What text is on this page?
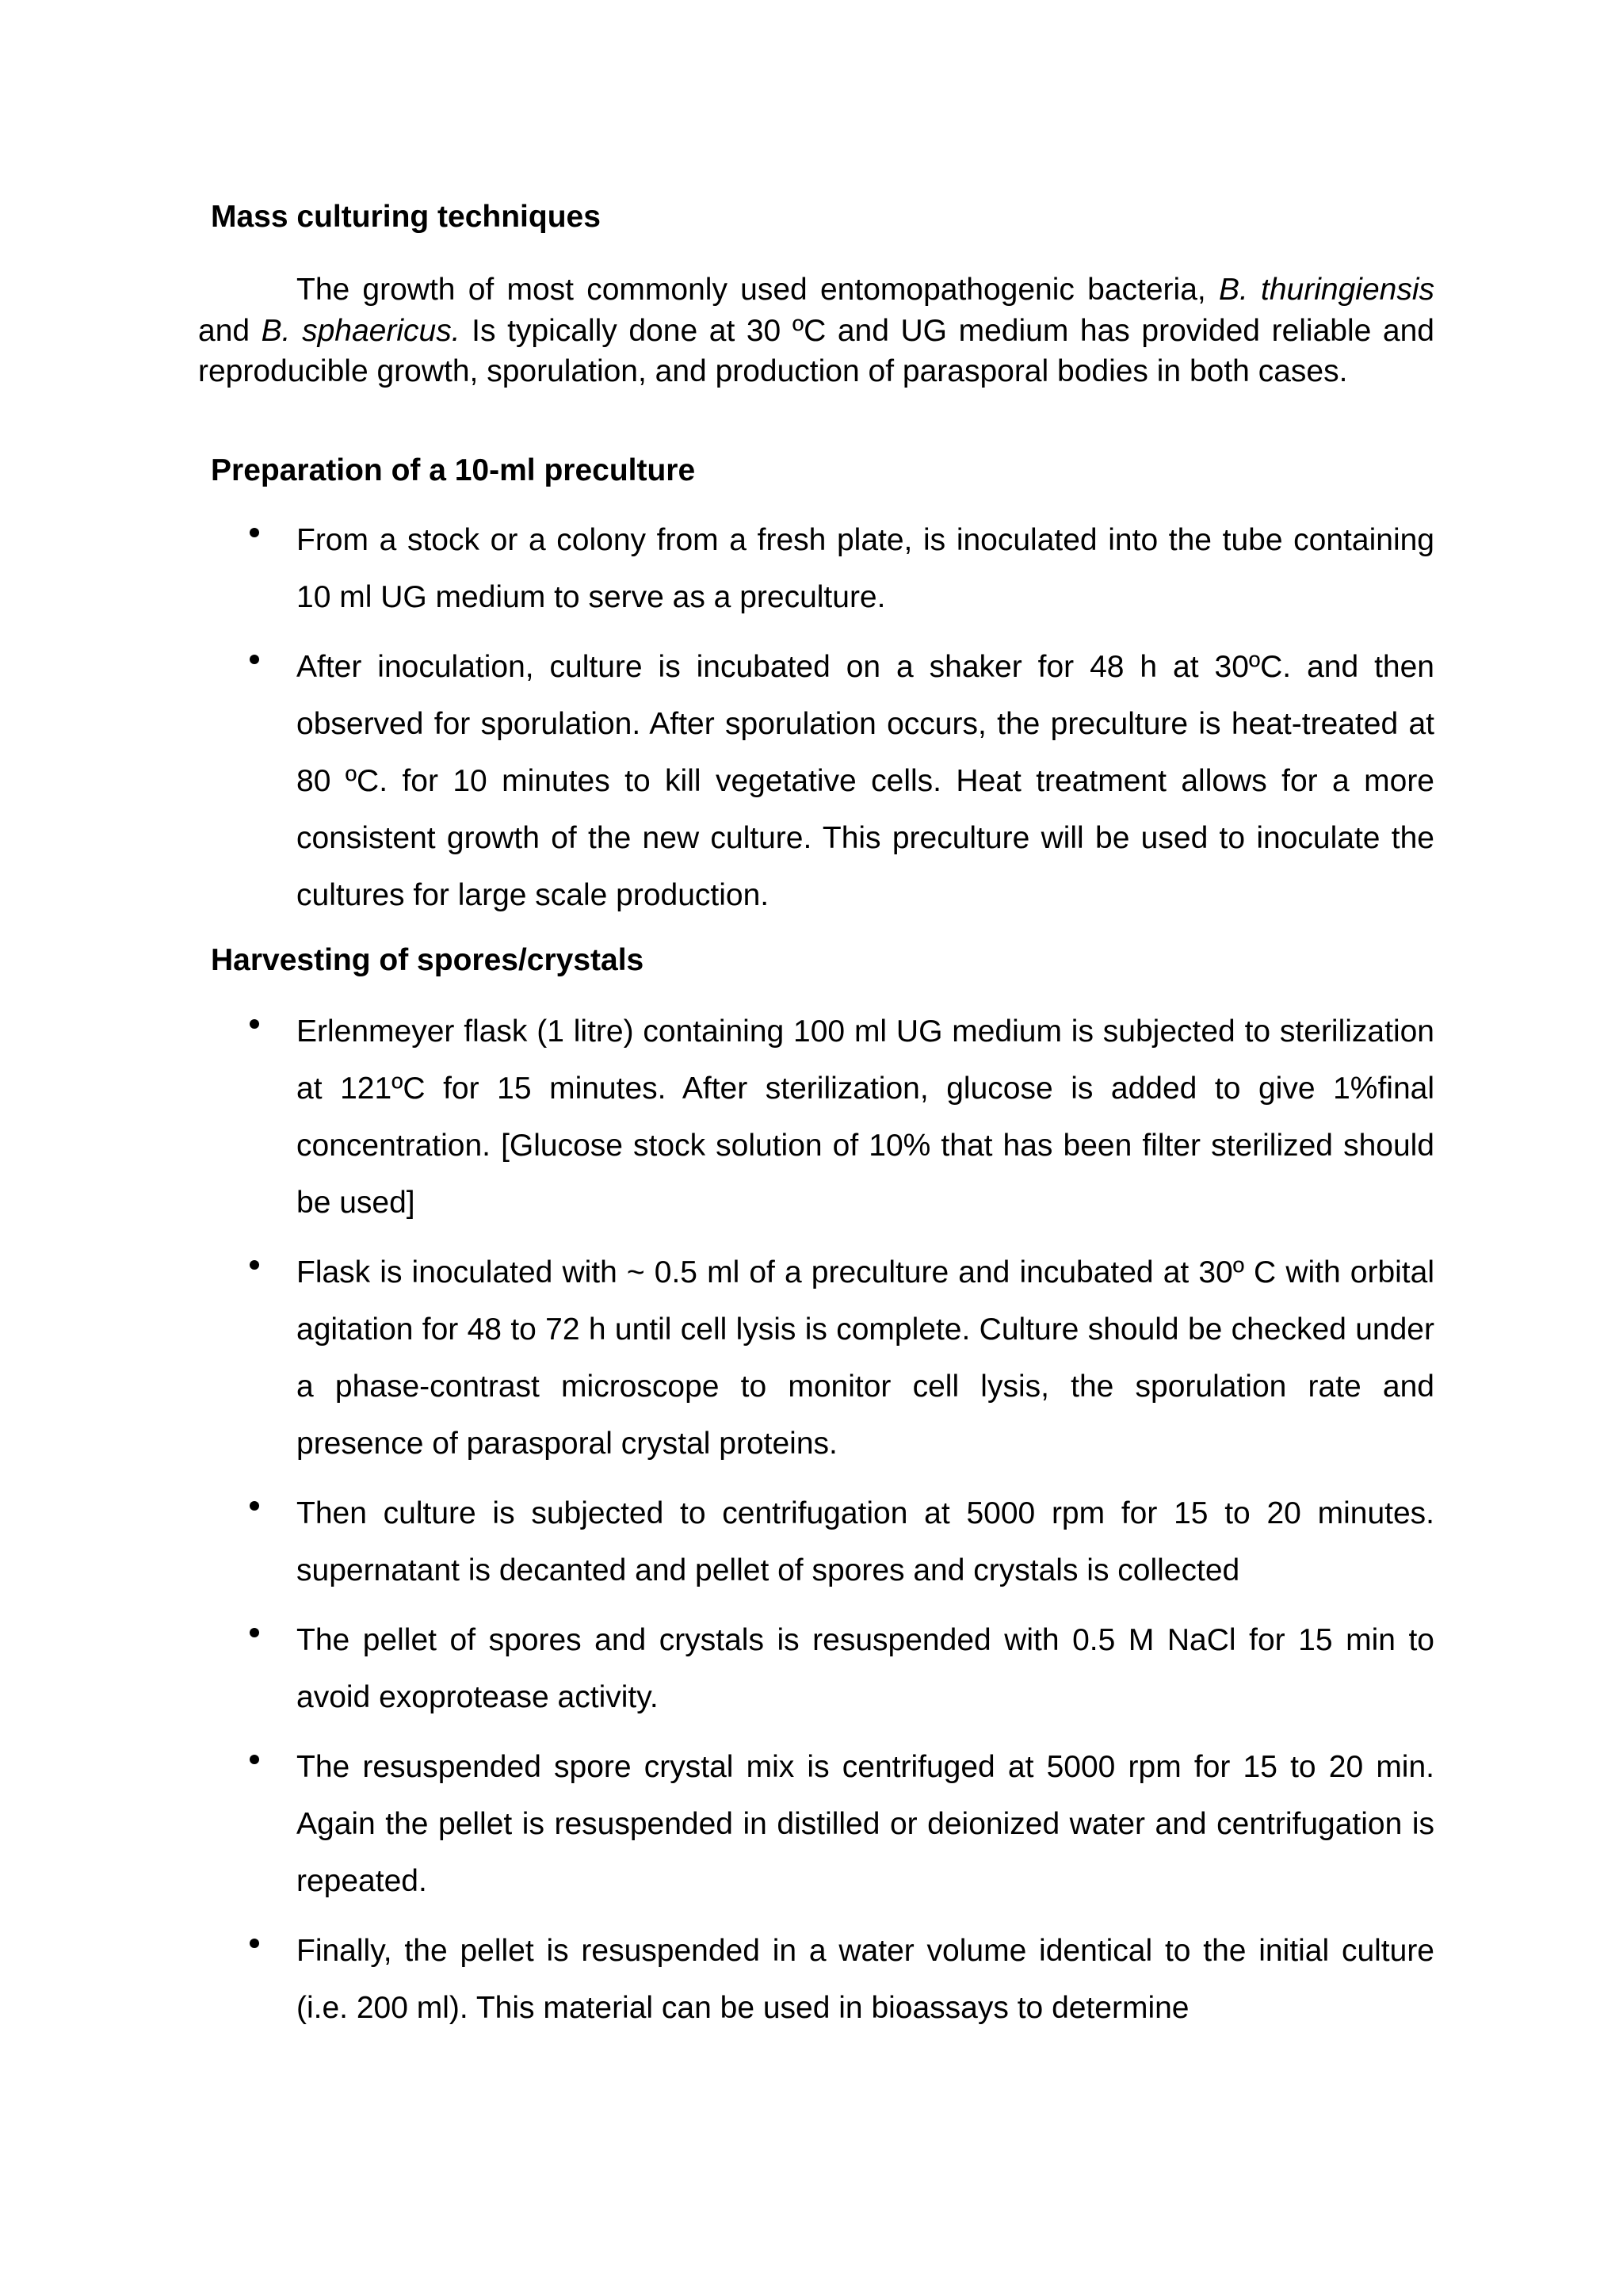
Mass culturing techniques

The growth of most commonly used entomopathogenic bacteria, B. thuringiensis and B. sphaericus. Is typically done at 30 ºC and UG medium has provided reliable and reproducible growth, sporulation, and production of parasporal bodies in both cases.

Preparation of a 10-ml preculture
From a stock or a colony from a fresh plate, is inoculated into the tube containing 10 ml UG medium to serve as a preculture.
After inoculation, culture is incubated on a shaker for 48 h at 30ºC. and then observed for sporulation. After sporulation occurs, the preculture is heat-treated at 80 ºC. for 10 minutes to kill vegetative cells. Heat treatment allows for a more consistent growth of the new culture. This preculture will be used to inoculate the cultures for large scale production.
Harvesting of spores/crystals
Erlenmeyer flask (1 litre) containing 100 ml UG medium is subjected to sterilization at 121ºC for 15 minutes. After sterilization, glucose is added to give 1%final concentration. [Glucose stock solution of 10% that has been filter sterilized should be used]
Flask is inoculated with ~ 0.5 ml of a preculture and incubated at 30º C with orbital agitation for 48 to 72 h until cell lysis is complete. Culture should be checked under a phase-contrast microscope to monitor cell lysis, the sporulation rate and presence of parasporal crystal proteins.
Then culture is subjected to centrifugation at 5000 rpm for 15 to 20 minutes. supernatant is decanted and pellet of spores and crystals is collected
The pellet of spores and crystals is resuspended with 0.5 M NaCl for 15 min to avoid exoprotease activity.
The resuspended spore crystal mix is centrifuged at 5000 rpm for 15 to 20 min. Again the pellet is resuspended in distilled or deionized water and centrifugation is repeated.
Finally, the pellet is resuspended in a water volume identical to the initial culture (i.e. 200 ml). This material can be used in bioassays to determine
